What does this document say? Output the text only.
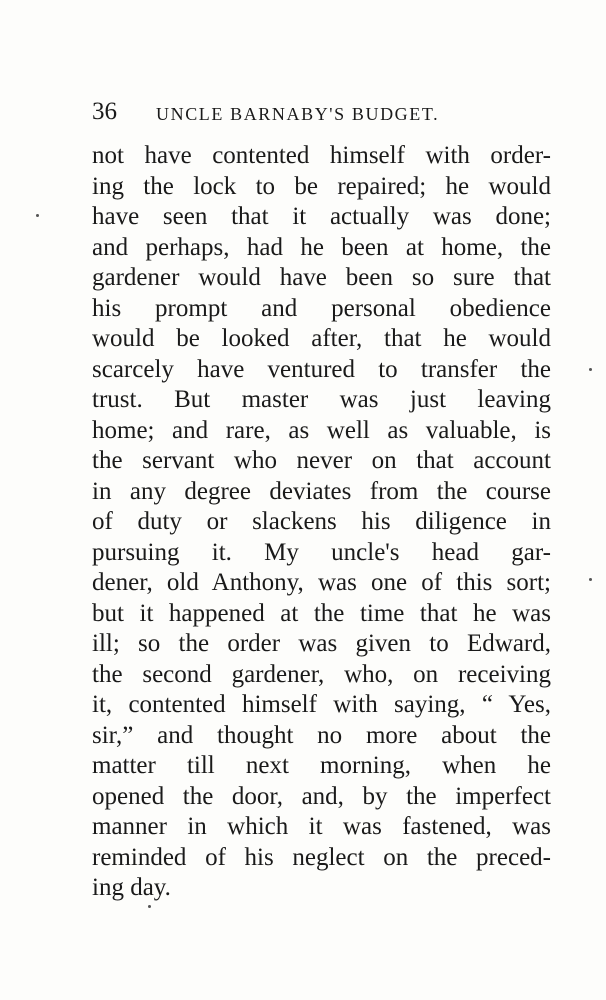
36 UNCLE BARNABY'S BUDGET.
not have contented himself with order-
ing the lock to be repaired; he would
have seen that it actually was done;
and perhaps, had he been at home, the
gardener would have been so sure that
his prompt and personal obedience
would be looked after, that he would
scarcely have ventured to transfer the
trust. But master was just leaving
home; and rare, as well as valuable, is
the servant who never on that account
in any degree deviates from the course
of duty or slackens his diligence in
pursuing it. My uncle's head gar-
dener, old Anthony, was one of this sort;
but it happened at the time that he was
ill; so the order was given to Edward,
the second gardener, who, on receiving
it, contented himself with saying, “ Yes,
sir,” and thought no more about the
matter till next morning, when he
opened the door, and, by the imperfect
manner in which it was fastened, was
reminded of his neglect on the preced-
ing day.
